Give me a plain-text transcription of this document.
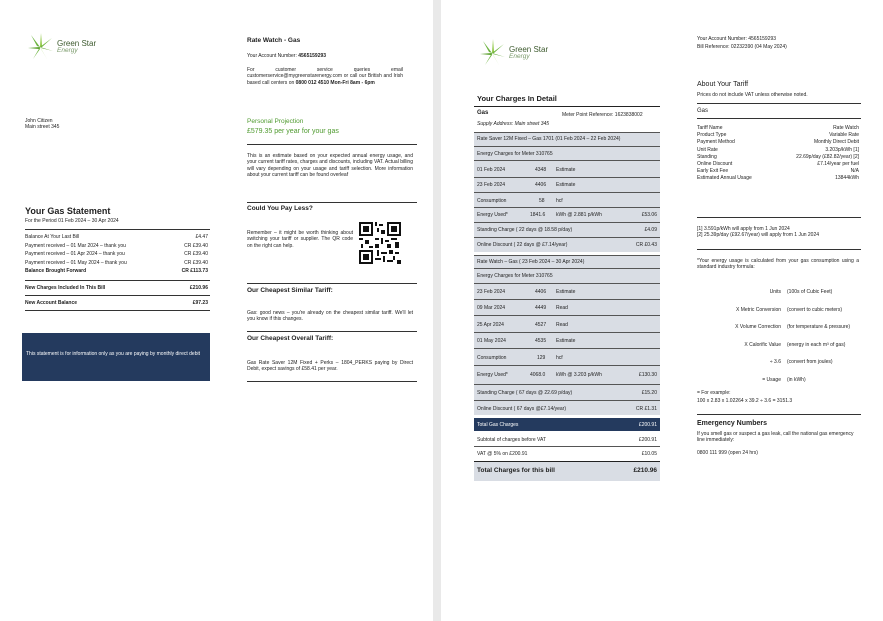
Green Star
Energy
John Citizen
Main street 345
Your Gas Statement
For the Period 01 Feb 2024 – 30 Apr 2024
Balance At Your Last Bill	£4.47
Payment received – 01 Mar 2024 – thank you	CR £39.40
Payment received – 01 Apr 2024 – thank you	CR £39.40
Payment received – 01 May 2024 – thank you	CR £39.40
Balance Brought Forward	CR £113.73
New Charges Included In This Bill	£210.96
New Account Balance	£97.23
This statement is for information only as you are paying by monthly direct debit
Rate Watch - Gas
Your Account Number: 4565159293
For customer service queries email customerservice@mygreenstarenergy.com or call our British and Irish based call centers on 0800 012 4510 Mon-Fri 8am - 6pm
Personal Projection
£579.35 per year for your gas
This is an estimate based on your expected annual energy usage, and your current tariff rates, charges and discounts, including VAT. Actual billing will vary depending on your usage and tariff selection. More information about your current tariff can be found overleaf
Could You Pay Less?
Remember – it might be worth thinking about switching your tariff or supplier. The QR code on the right can help.
Our Cheapest Similar Tariff:
Gas: good news – you're already on the cheapest similar tariff. We'll let you know if this changes.
Our Cheapest Overall Tariff:
Gas Rate Saver 12M Fixed + Perks – 1804_PERKS paying by Direct Debit, expect savings of £58.41 per year.
Green Star
Energy
Your Charges In Detail
Gas	Meter Point Reference: 1623838002
Supply Address: Main street 345
Rate Saver 12M Fixed – Gas 1701 (01 Feb 2024 – 22 Feb 2024)
Energy Charges for Meter 310765
01 Feb 2024	4348 Estimate
23 Feb 2024	4406 Estimate
Consumption	58 hcf
Energy Used*	1841.6 kWh @ 2.881 p/kWh	£53.06
Standing Charge ( 22 days @ 18.58 p/day)	£4.09
Online Discount ( 22 days @ £7.14/year)	CR £0.43
Rate Watch – Gas ( 23 Feb 2024 – 30 Apr 2024)
Energy Charges for Meter 310765
23 Feb 2024	4406 Estimate
09 Mar 2024	4449 Read
25 Apr 2024	4527 Read
01 May 2024	4535 Estimate
Consumption	129 hcf
Energy Used*	4068.0 kWh @ 3.203 p/kWh	£130.30
Standing Charge ( 67 days @ 22.69 p/day)	£15.20
Online Discount ( 67 days @£7.14/year)	CR £1.31
Total Gas Charges	£200.91
Subtotal of charges before VAT	£200.91
VAT @ 5% on £200.91	£10.05
Total Charges for this bill	£210.96
Your Account Number: 4565159293
Bill Reference: 02232390 (04 May 2024)
About Your Tariff
Prices do not include VAT unless otherwise noted.
Gas
Tariff Name	Rate Watch
Product Type	Variable Rate
Payment Method	Monthly Direct Debit
Unit Rate	3.203p/kWh [1]
Standing	22.69p/day (£82.82/year) [2]
Online Discount	£7.14/year per fuel
Early Exit Fee	N/A
Estimated Annual Usage	13844kWh
[1] 3.591p/kWh will apply from 1 Jun 2024
[2] 25.39p/day (£92.67/year) will apply from 1 Jun 2024
*Your energy usage is calculated from your gas consumption using a standard industry formula:
Units (100s of Cubic Feet)
X Metric Conversion (convert to cubic meters)
X Volume Correction (for temperature & pressure)
X Calorific Value (energy in each m³ of gas)
÷ 3.6 (convert from joules)
= Usage (in kWh)
= For example:
100 x 2.83 x 1.02264 x 39.2 ÷ 3.6 = 3151.3
Emergency Numbers
If you smell gas or suspect a gas leak, call the national gas emergency line immediately:
0800 111 999 (open 24 hrs)
